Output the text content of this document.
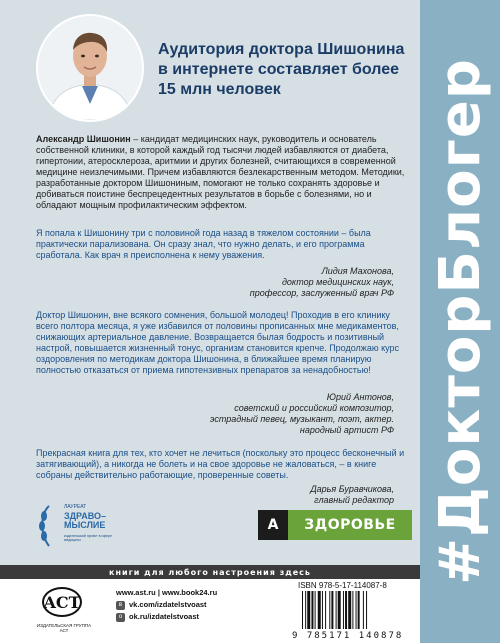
Аудитория доктора Шишонина в интернете составляет более 15 млн человек
Александр Шишонин – кандидат медицинских наук, руководитель и основатель собственной клиники, в которой каждый год тысячи людей избавляются от диабета, гипертонии, атеросклероза, аритмии и других болезней, считающихся в современной медицине неизлечимыми. Причем избавляются безлекарственным методом. Методики, разработанные доктором Шишониным, помогают не только сохранять здоровье и добиваться поистине беспрецедентных результатов в борьбе с болезнями, но и обладают мощным профилактическим эффектом.
Я попала к Шишонину три с половиной года назад в тяжелом состоянии – была практически парализована. Он сразу знал, что нужно делать, и его программа сработала. Как врач я преисполнена к нему уважения.
Лидия Махонова,
доктор медицинских наук,
профессор, заслуженный врач РФ
Доктор Шишонин, вне всякого сомнения, большой молодец! Проходив в его клинику всего полтора месяца, я уже избавился от половины прописанных мне медикаментов, снижающих артериальное давление. Возвращается былая бодрость и позитивный настрой, повышается жизненный тонус, организм становится крепче. Продолжаю курс оздоровления по методикам доктора Шишонина, в ближайшее время планирую полностью отказаться от приема гипотензивных препаратов за ненадобностью!
Юрий Антонов,
советский и российский композитор,
эстрадный певец, музыкант, поэт, актер.
народный артист РФ
Прекрасная книга для тех, кто хочет не лечиться (поскольку это процесс бесконечный и затягивающий), а никогда не болеть и на свое здоровье не жаловаться, – в книге собраны действительно работающие, проверенные советы.
Дарья Буравчикова,
главный редактор
ЛАУРЕАТ
ЗДРАВО–МЫСЛИЕ
издательский проект в сфере медицины
А	ЗДОРОВЬЕ #ДокторБлогер
книги для любого настроения здесь
ACT
ИЗДАТЕЛЬСКАЯ ГРУППА АСТ
www.ast.ru | www.book24.ru
в vk.com/izdatelstvoast
о ok.ru/izdatelstvoast
ISBN 978-5-17-114087-8
9 785171 140878
